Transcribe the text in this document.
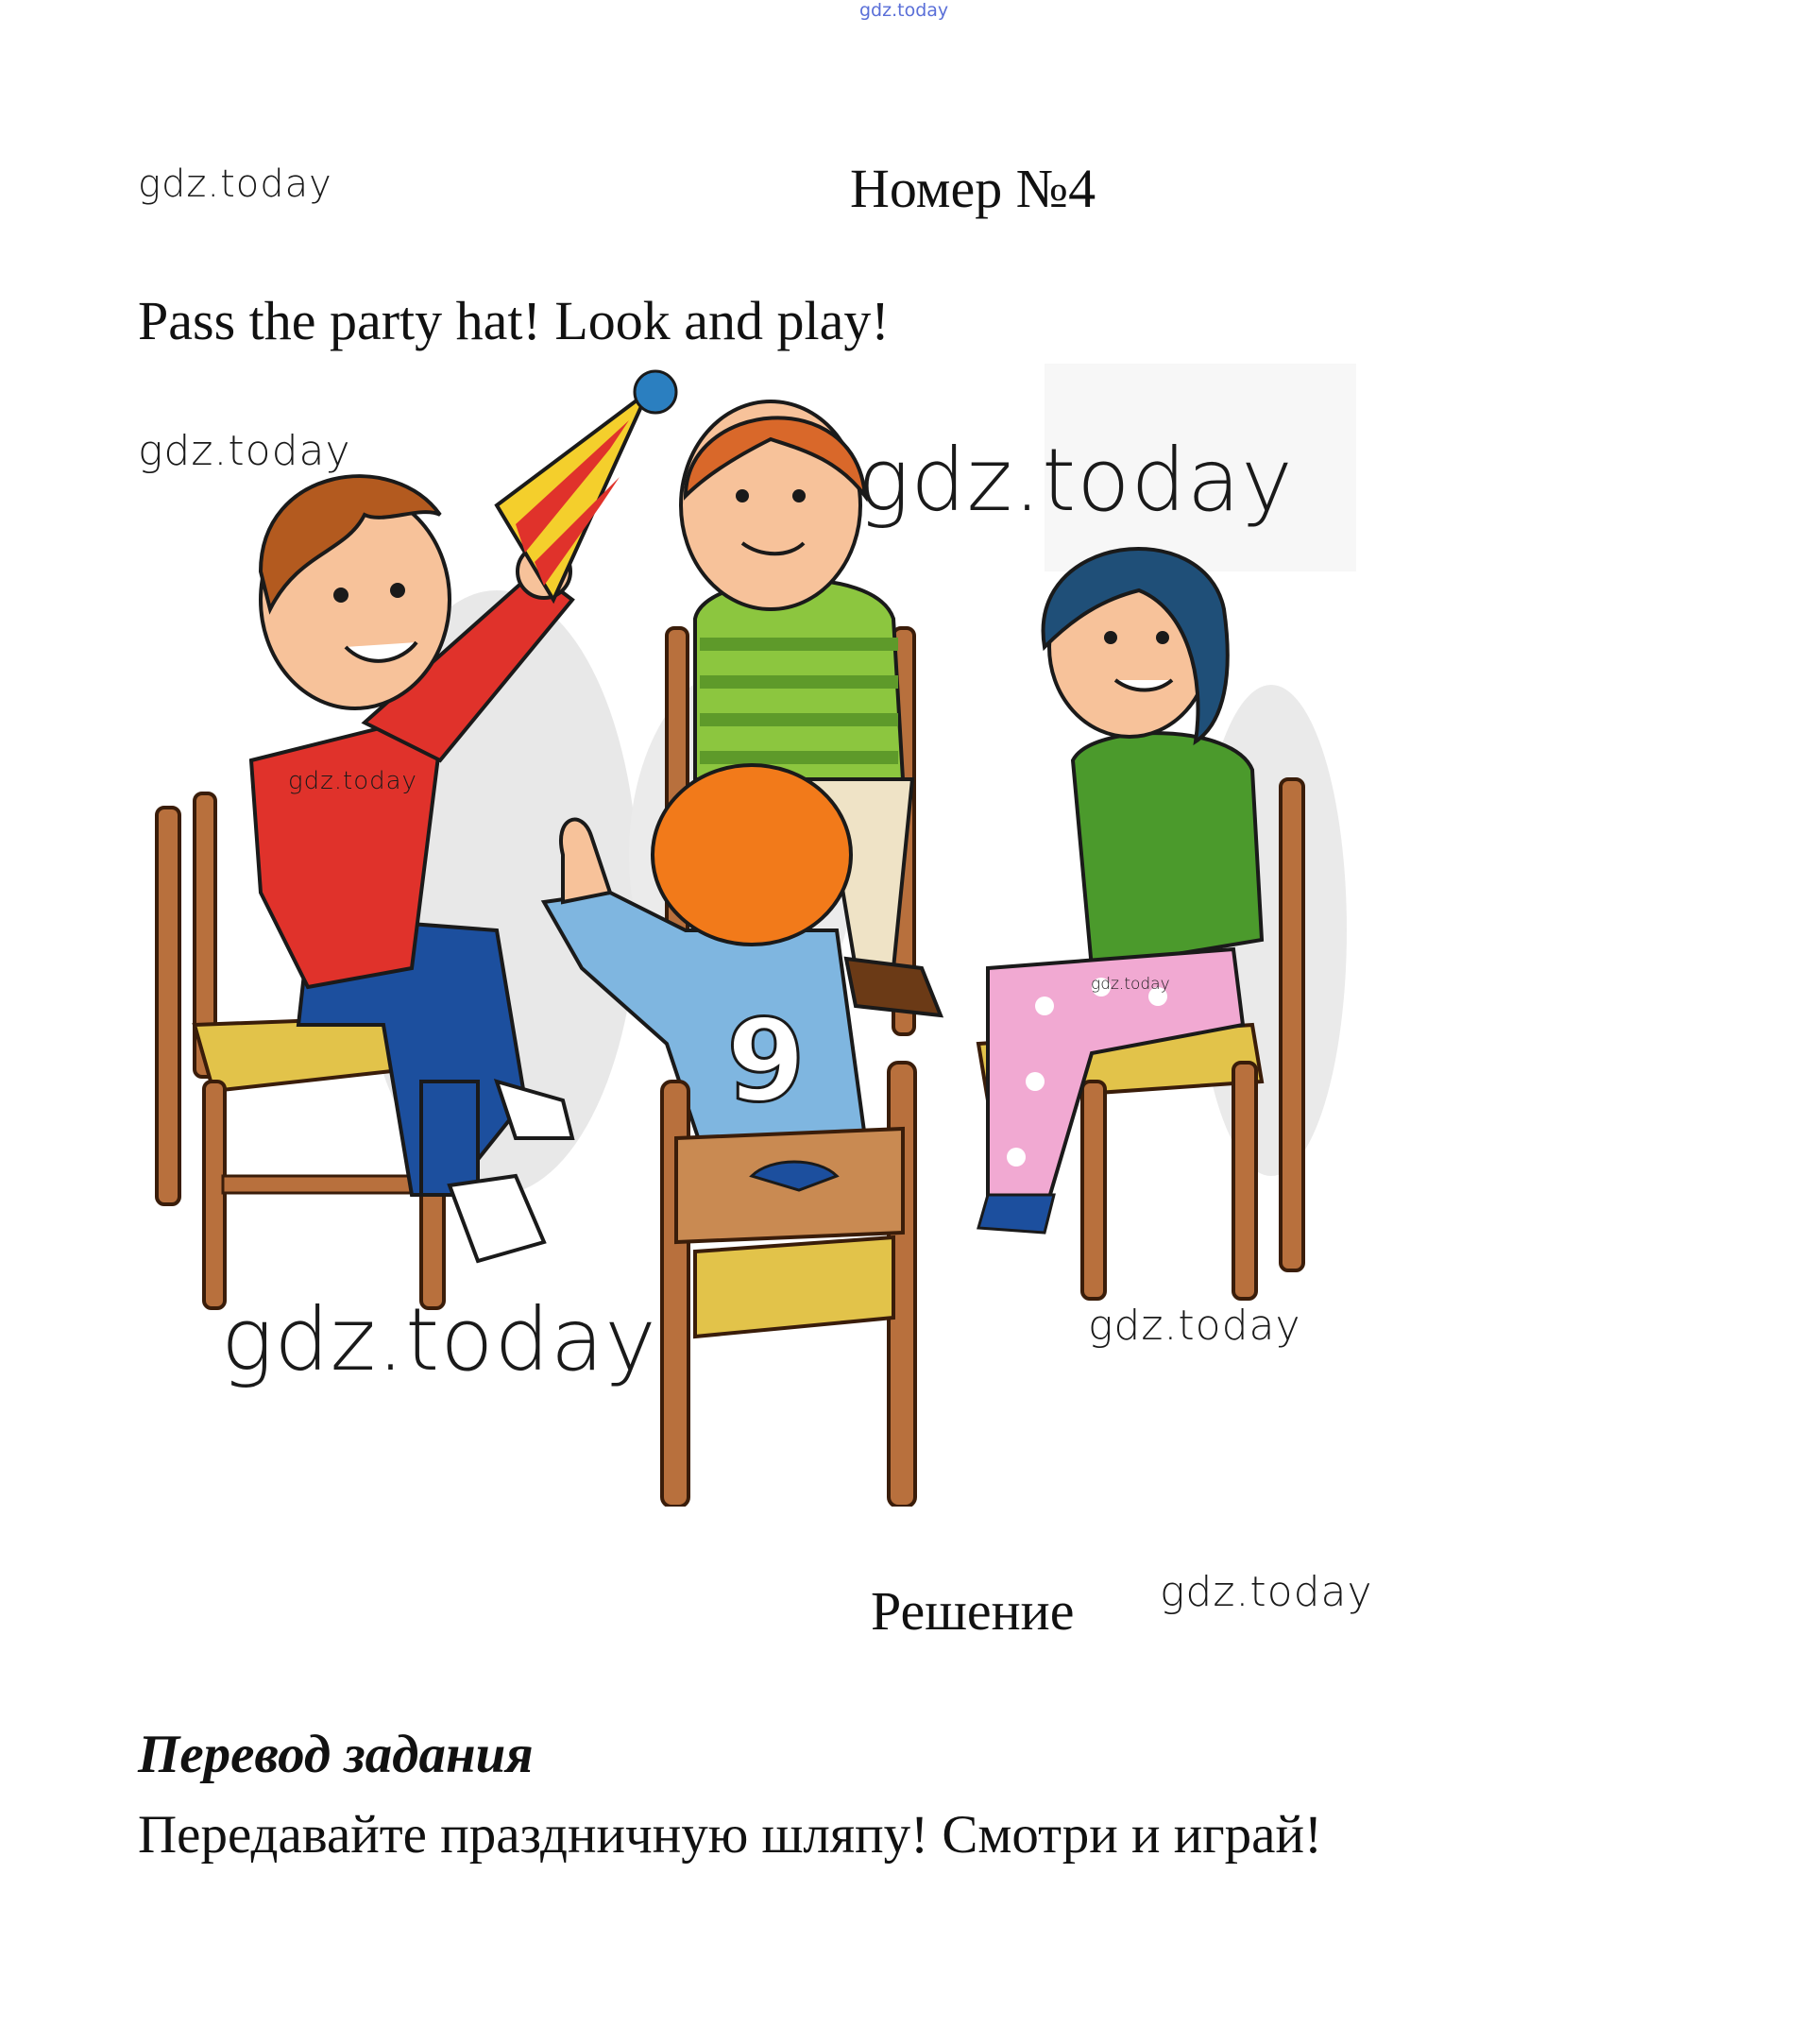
gdz.today
gdz.today	Номер №4
Pass the party hat! Look and play!
9
gdz.today	gdz.today
gdz.today
gdz.today
gdz.today	gdz.today
Решение gdz.today
Перевод задания
Передавайте праздничную шляпу! Смотри и играй!
